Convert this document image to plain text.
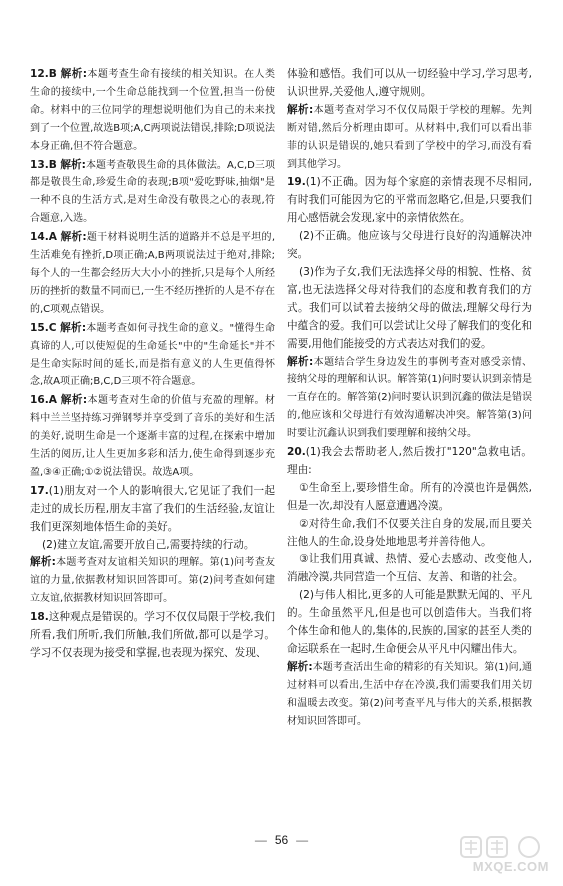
12.B 解析:本题考查生命有接续的相关知识。在人类生命的接续中,一个生命总能找到一个位置,担当一份使命。材料中的三位同学的理想说明他们为自己的未来找到了一个位置,故选B项;A,C两项说法错误,排除;D项说法本身正确,但不符合题意。

13.B 解析:本题考查敬畏生命的具体做法。A,C,D三项都是敬畏生命,珍爱生命的表现;B项"爱吃野味,抽烟"是一种不良的生活方式,是对生命没有敬畏之心的表现,符合题意,入选。

14.A 解析:题干材料说明生活的道路并不总是平坦的,生活难免有挫折,D项正确;A,B两项说法过于绝对,排除;每个人的一生都会经历大大小小的挫折,只是每个人所经历的挫折的数量不同而已,一生不经历挫折的人是不存在的,C项观点错误。

15.C 解析:本题考查如何寻找生命的意义。"懂得生命真谛的人,可以使短促的生命延长"中的"生命延长"并不是生命实际时间的延长,而是指有意义的人生更值得怀念,故A项正确;B,C,D三项不符合题意。

16.A 解析:本题考查对生命的价值与充盈的理解。材料中兰兰坚持练习弹钢琴并享受到了音乐的美好和生活的美好,说明生命是一个逐渐丰富的过程,在探索中增加生活的阅历,让人生更加多彩和活力,使生命得到逐步充盈,③④正确;①②说法错误。故选A项。

17.(1)朋友对一个人的影响很大,它见证了我们一起走过的成长历程,朋友丰富了我们的生活经验,友谊让我们更深刻地体悟生命的美好。
(2)建立友谊,需要开放自己,需要持续的行动。
解析:本题考查对友谊相关知识的理解。第(1)问考查友谊的力量,依据教材知识回答即可。第(2)问考查如何建立友谊,依据教材知识回答即可。

18.这种观点是错误的。学习不仅仅局限于学校,我们所看,我们所听,我们所触,我们所做,都可以是学习。学习不仅表现为接受和掌握,也表现为探究、发现、

体验和感悟。我们可以从一切经验中学习,学习思考,认识世界,关爱他人,遵守规则。
解析:本题考查对学习不仅仅局限于学校的理解。先判断对错,然后分析理由即可。从材料中,我们可以看出菲菲的认识是错误的,她只看到了学校中的学习,而没有看到其他学习。

19.(1)不正确。因为每个家庭的亲情表现不尽相同,有时我们可能因为它的平常而忽略它,但是,只要我们用心感悟就会发现,家中的亲情依然在。
(2)不正确。他应该与父母进行良好的沟通解决冲突。
(3)作为子女,我们无法选择父母的相貌、性格、贫富,也无法选择父母对待我们的态度和教育我们的方式。我们可以试着去接纳父母的做法,理解父母行为中蕴含的爱。我们可以尝试让父母了解我们的变化和需要,用他们能接受的方式表达对我们的爱。
解析:本题结合学生身边发生的事例考查对感受亲情、接纳父母的理解和认识。解答第(1)问时要认识到亲情是一直存在的。解答第(2)问时要认识到沉鑫的做法是错误的,他应该和父母进行有效沟通解决冲突。解答第(3)问时要让沉鑫认识到我们要理解和接纳父母。

20.(1)我会去帮助老人,然后拨打"120"急救电话。理由:
①生命至上,要珍惜生命。所有的冷漠也许是偶然,但是一次,却没有人愿意遭遇冷漠。
②对待生命,我们不仅要关注自身的发展,而且要关注他人的生命,设身处地地思考并善待他人。
③让我们用真诚、热情、爱心去感动、改变他人,消融冷漠,共同营造一个互信、友善、和谐的社会。
(2)与伟人相比,更多的人可能是默默无闻的、平凡的。生命虽然平凡,但是也可以创造伟大。当我们将个体生命和他人的,集体的,民族的,国家的甚至人类的命运联系在一起时,生命便会从平凡中闪耀出伟大。
解析:本题考查活出生命的精彩的有关知识。第(1)问,通过材料可以看出,生活中存在冷漠,我们需要我们用关切和温暖去改变。第(2)问考查平凡与伟大的关系,根据教材知识回答即可。

— 56 —
MXQE.COM
